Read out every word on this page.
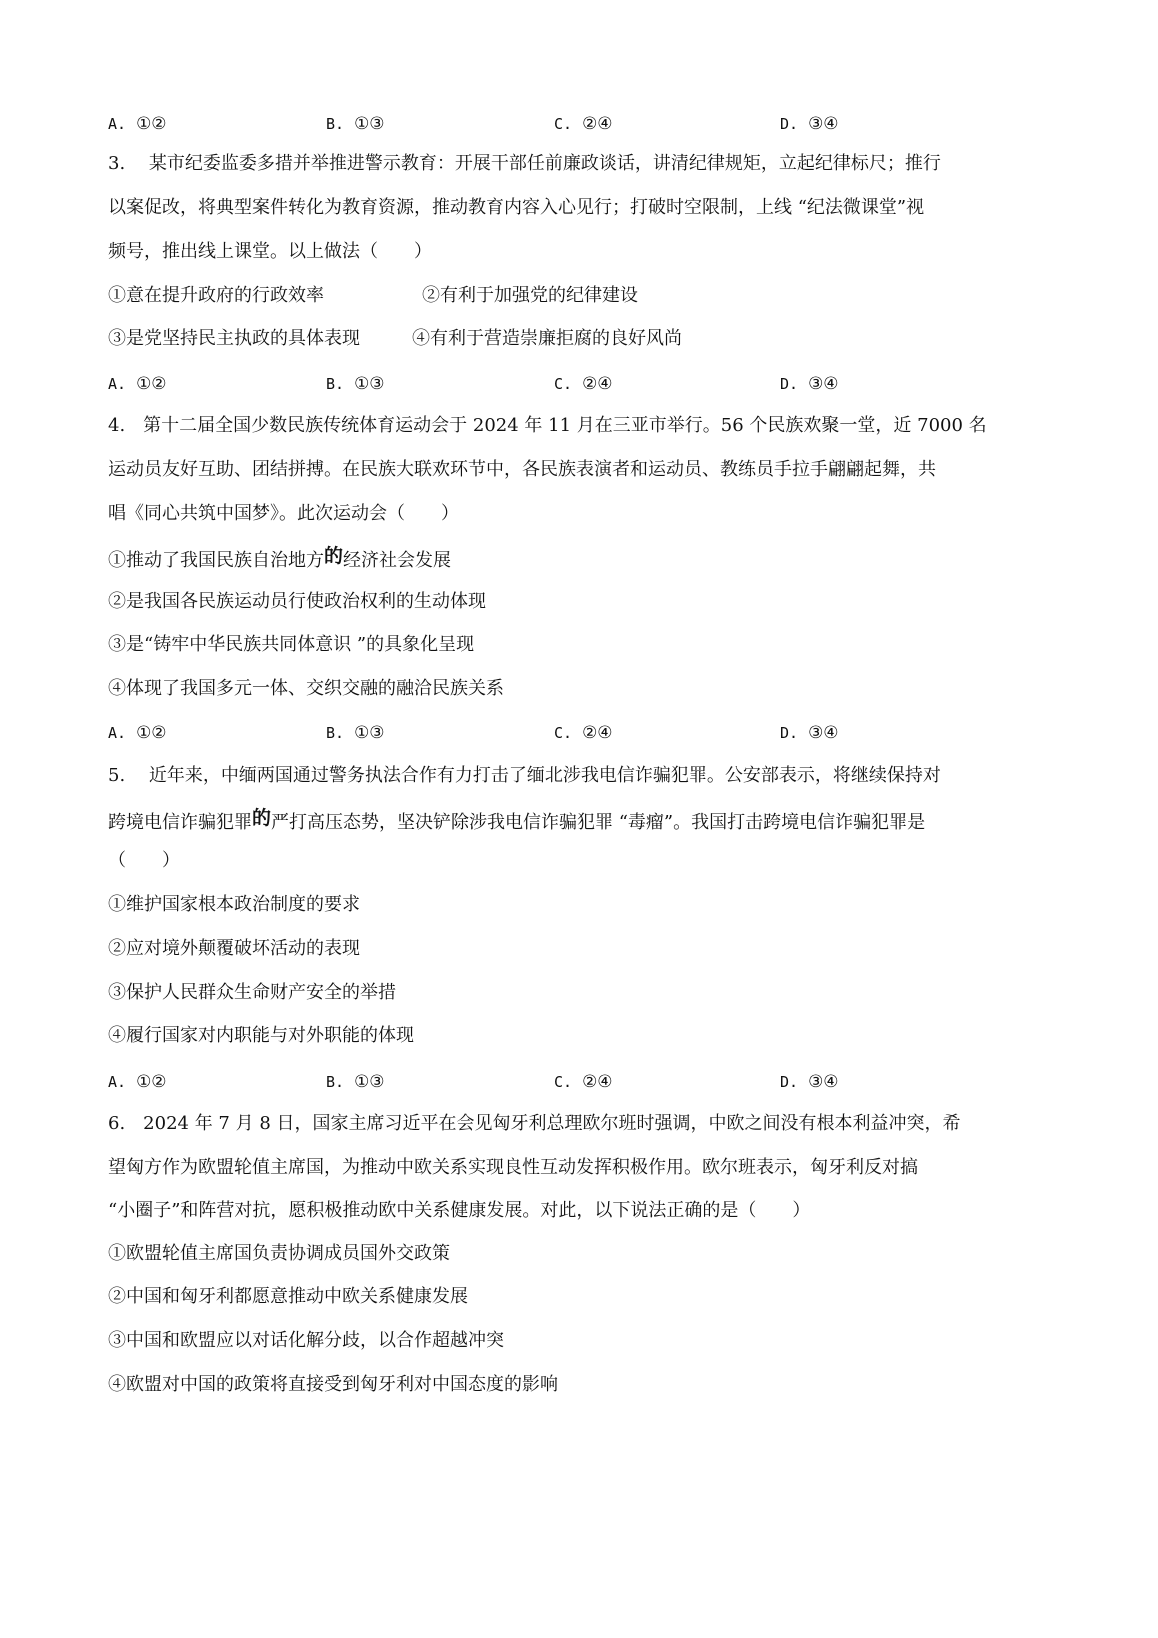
A. ①②	B. ①③	C. ②④	D. ③④
3.　 某市纪委监委多措并举推进警示教育：开展干部任前廉政谈话，讲清纪律规矩，立起纪律标尺；推行
以案促改，将典型案件转化为教育资源，推动教育内容入心见行；打破时空限制，上线 “纪法微课堂”视
频号，推出线上课堂。以上做法（　　）
①意在提升政府的行政效率	②有利于加强党的纪律建设
③是党坚持民主执政的具体表现	④有利于营造崇廉拒腐的良好风尚
A. ①②	B. ①③	C. ②④	D. ③④
4.　第十二届全国少数民族传统体育运动会于 2024 年 11 月在三亚市举行。56 个民族欢聚一堂，近 7000 名
运动员友好互助、团结拼搏。在民族大联欢环节中，各民族表演者和运动员、教练员手拉手翩翩起舞，共
唱《同心共筑中国梦》。此次运动会（　　）
①推动了我国民族自治地方的经济社会发展
②是我国各民族运动员行使政治权利的生动体现
③是“铸牢中华民族共同体意识 ”的具象化呈现
④体现了我国多元一体、交织交融的融洽民族关系
A. ①②	B. ①③	C. ②④	D. ③④
5.　 近年来，中缅两国通过警务执法合作有力打击了缅北涉我电信诈骗犯罪。公安部表示，将继续保持对
跨境电信诈骗犯罪的严打高压态势，坚决铲除涉我电信诈骗犯罪 “毒瘤”。我国打击跨境电信诈骗犯罪是
（　　）
①维护国家根本政治制度的要求
②应对境外颠覆破坏活动的表现
③保护人民群众生命财产安全的举措
④履行国家对内职能与对外职能的体现
A. ①②	B. ①③	C. ②④	D. ③④
6.　2024 年 7 月 8 日，国家主席习近平在会见匈牙利总理欧尔班时强调，中欧之间没有根本利益冲突，希
望匈方作为欧盟轮值主席国，为推动中欧关系实现良性互动发挥积极作用。欧尔班表示，匈牙利反对搞
“小圈子”和阵营对抗，愿积极推动欧中关系健康发展。对此，以下说法正确的是（　　）
①欧盟轮值主席国负责协调成员国外交政策
②中国和匈牙利都愿意推动中欧关系健康发展
③中国和欧盟应以对话化解分歧，以合作超越冲突
④欧盟对中国的政策将直接受到匈牙利对中国态度的影响
